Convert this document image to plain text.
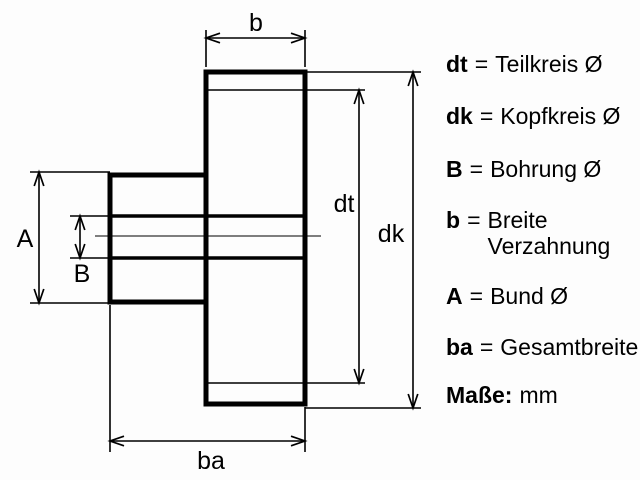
b
dt
dk
A
B
ba
dt = Teilkreis Ø
dk = Kopfkreis Ø
B = Bohrung Ø
b = Breite
Verzahnung
A = Bund Ø
ba = Gesamtbreite
Maße: mm
